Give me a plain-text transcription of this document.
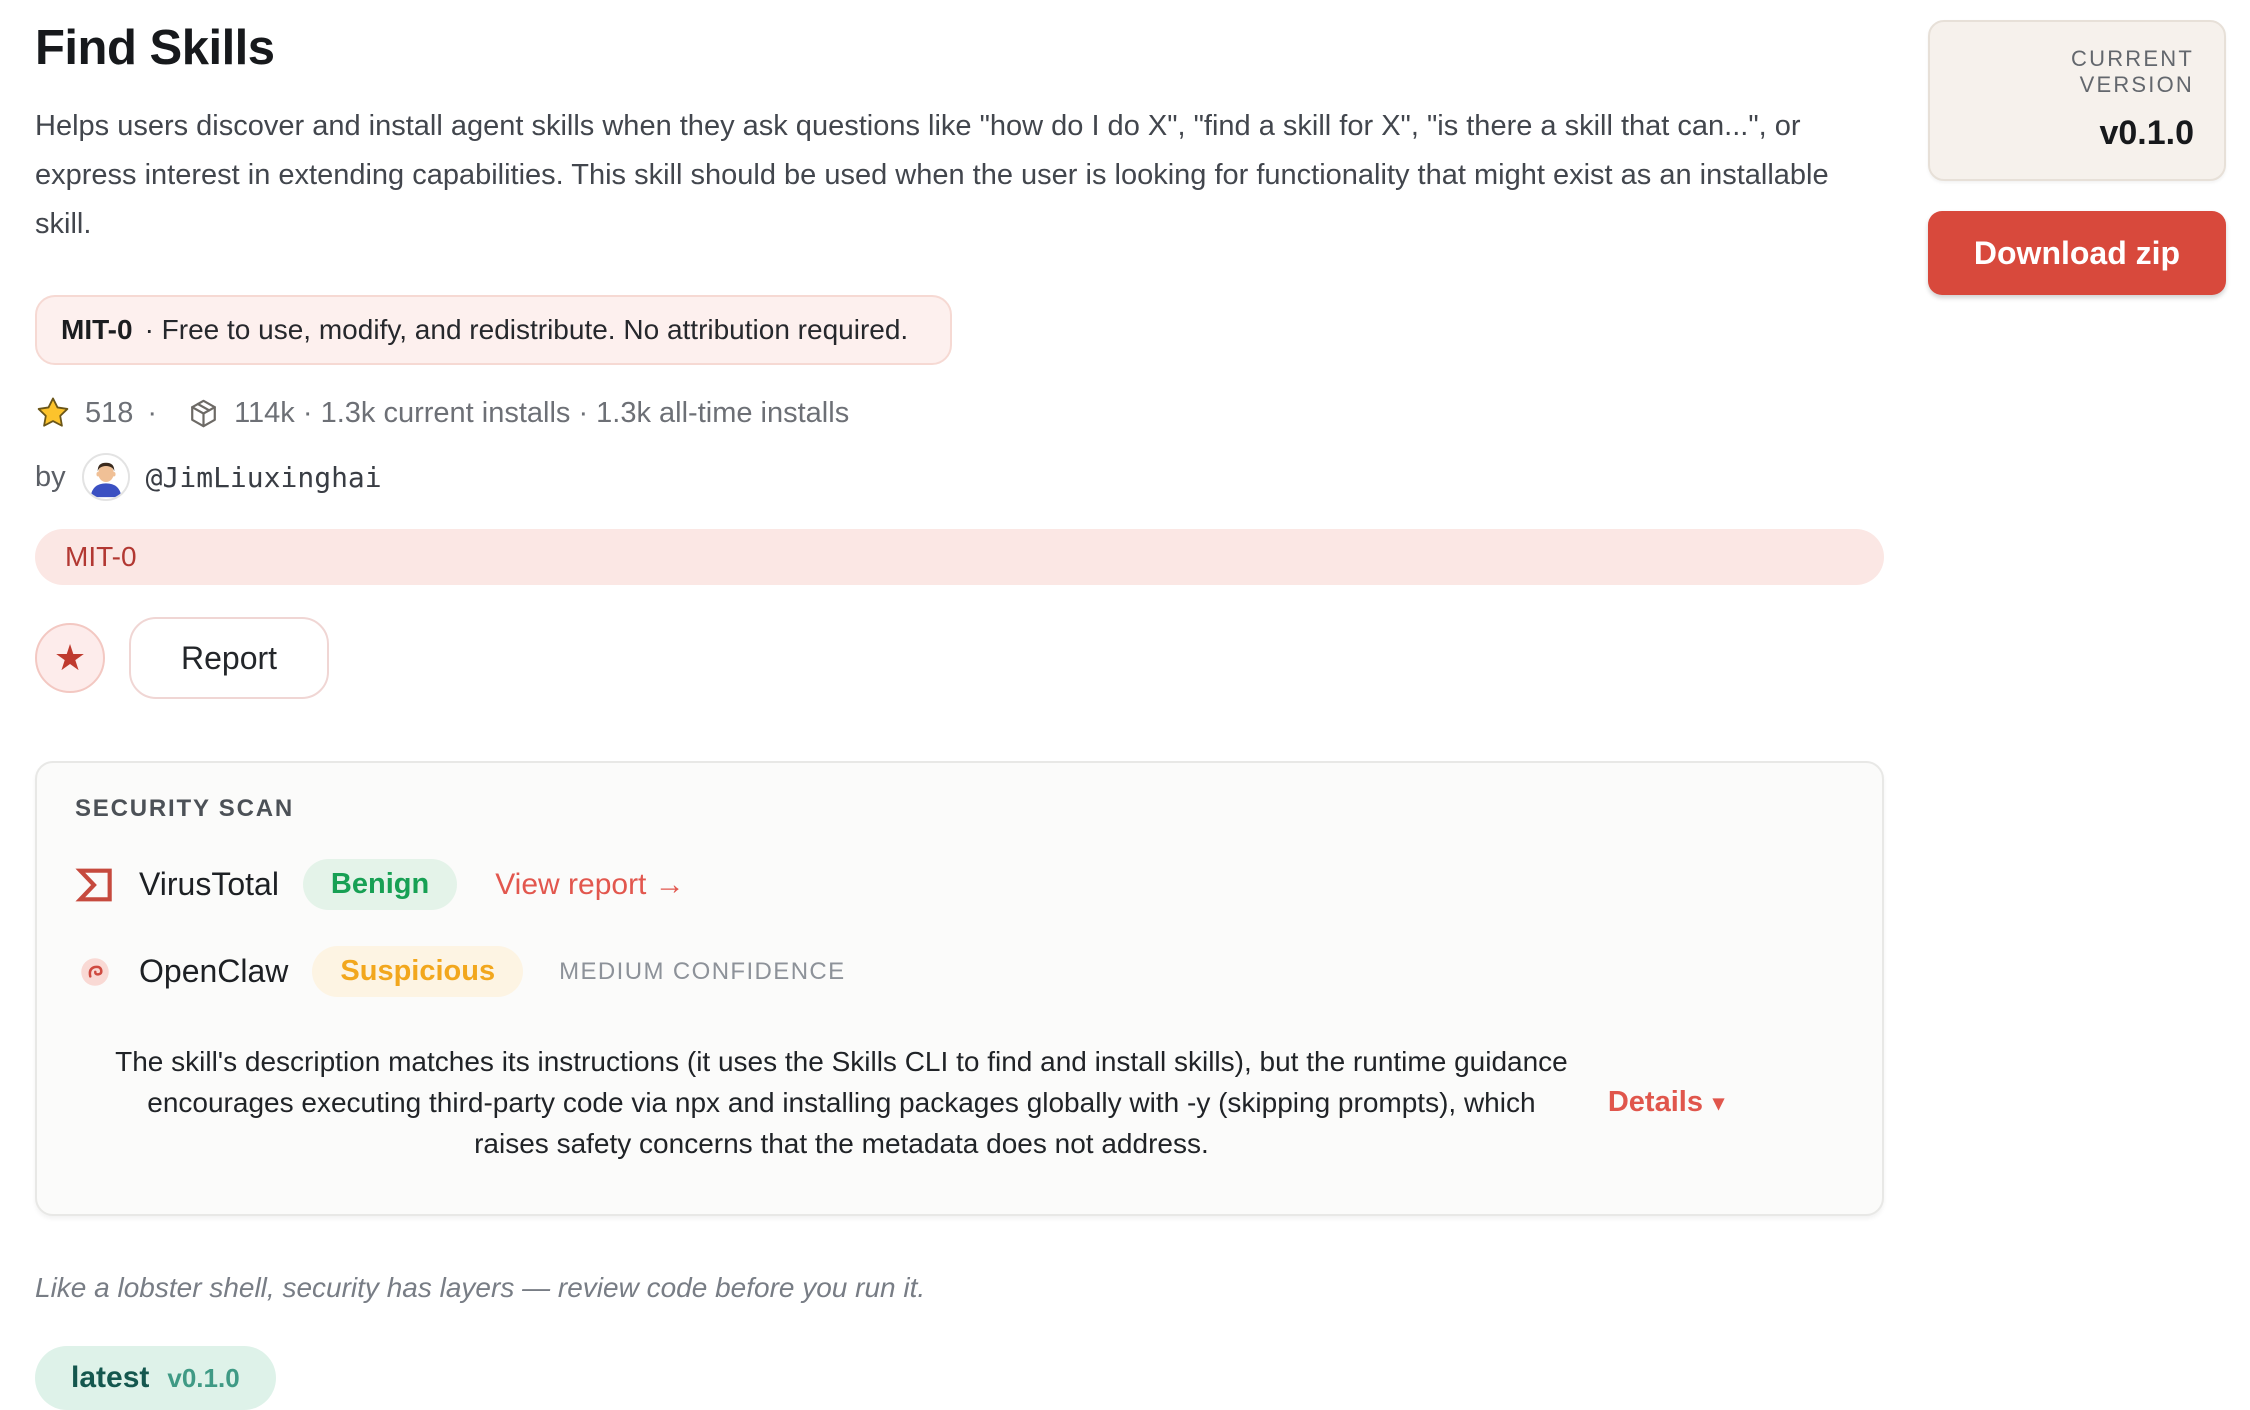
Find Skills
Helps users discover and install agent skills when they ask questions like "how do I do X", "find a skill for X", "is there a skill that can...", or express interest in extending capabilities. This skill should be used when the user is looking for functionality that might exist as an installable skill.
MIT-0 · Free to use, modify, and redistribute. No attribution required.
518 ·	114k · 1.3k current installs · 1.3k all-time installs
by	@JimLiuxinghai
MIT-0
★	Report
SECURITY SCAN
VirusTotal	Benign	View report →
OpenClaw	Suspicious	MEDIUM CONFIDENCE
The skill's description matches its instructions (it uses the Skills CLI to find and install skills), but the runtime guidance encourages executing third-party code via npx and installing packages globally with -y (skipping prompts), which raises safety concerns that the metadata does not address.
Details ▾
Like a lobster shell, security has layers — review code before you run it.
latest v0.1.0
CURRENT VERSION
v0.1.0
Download zip
